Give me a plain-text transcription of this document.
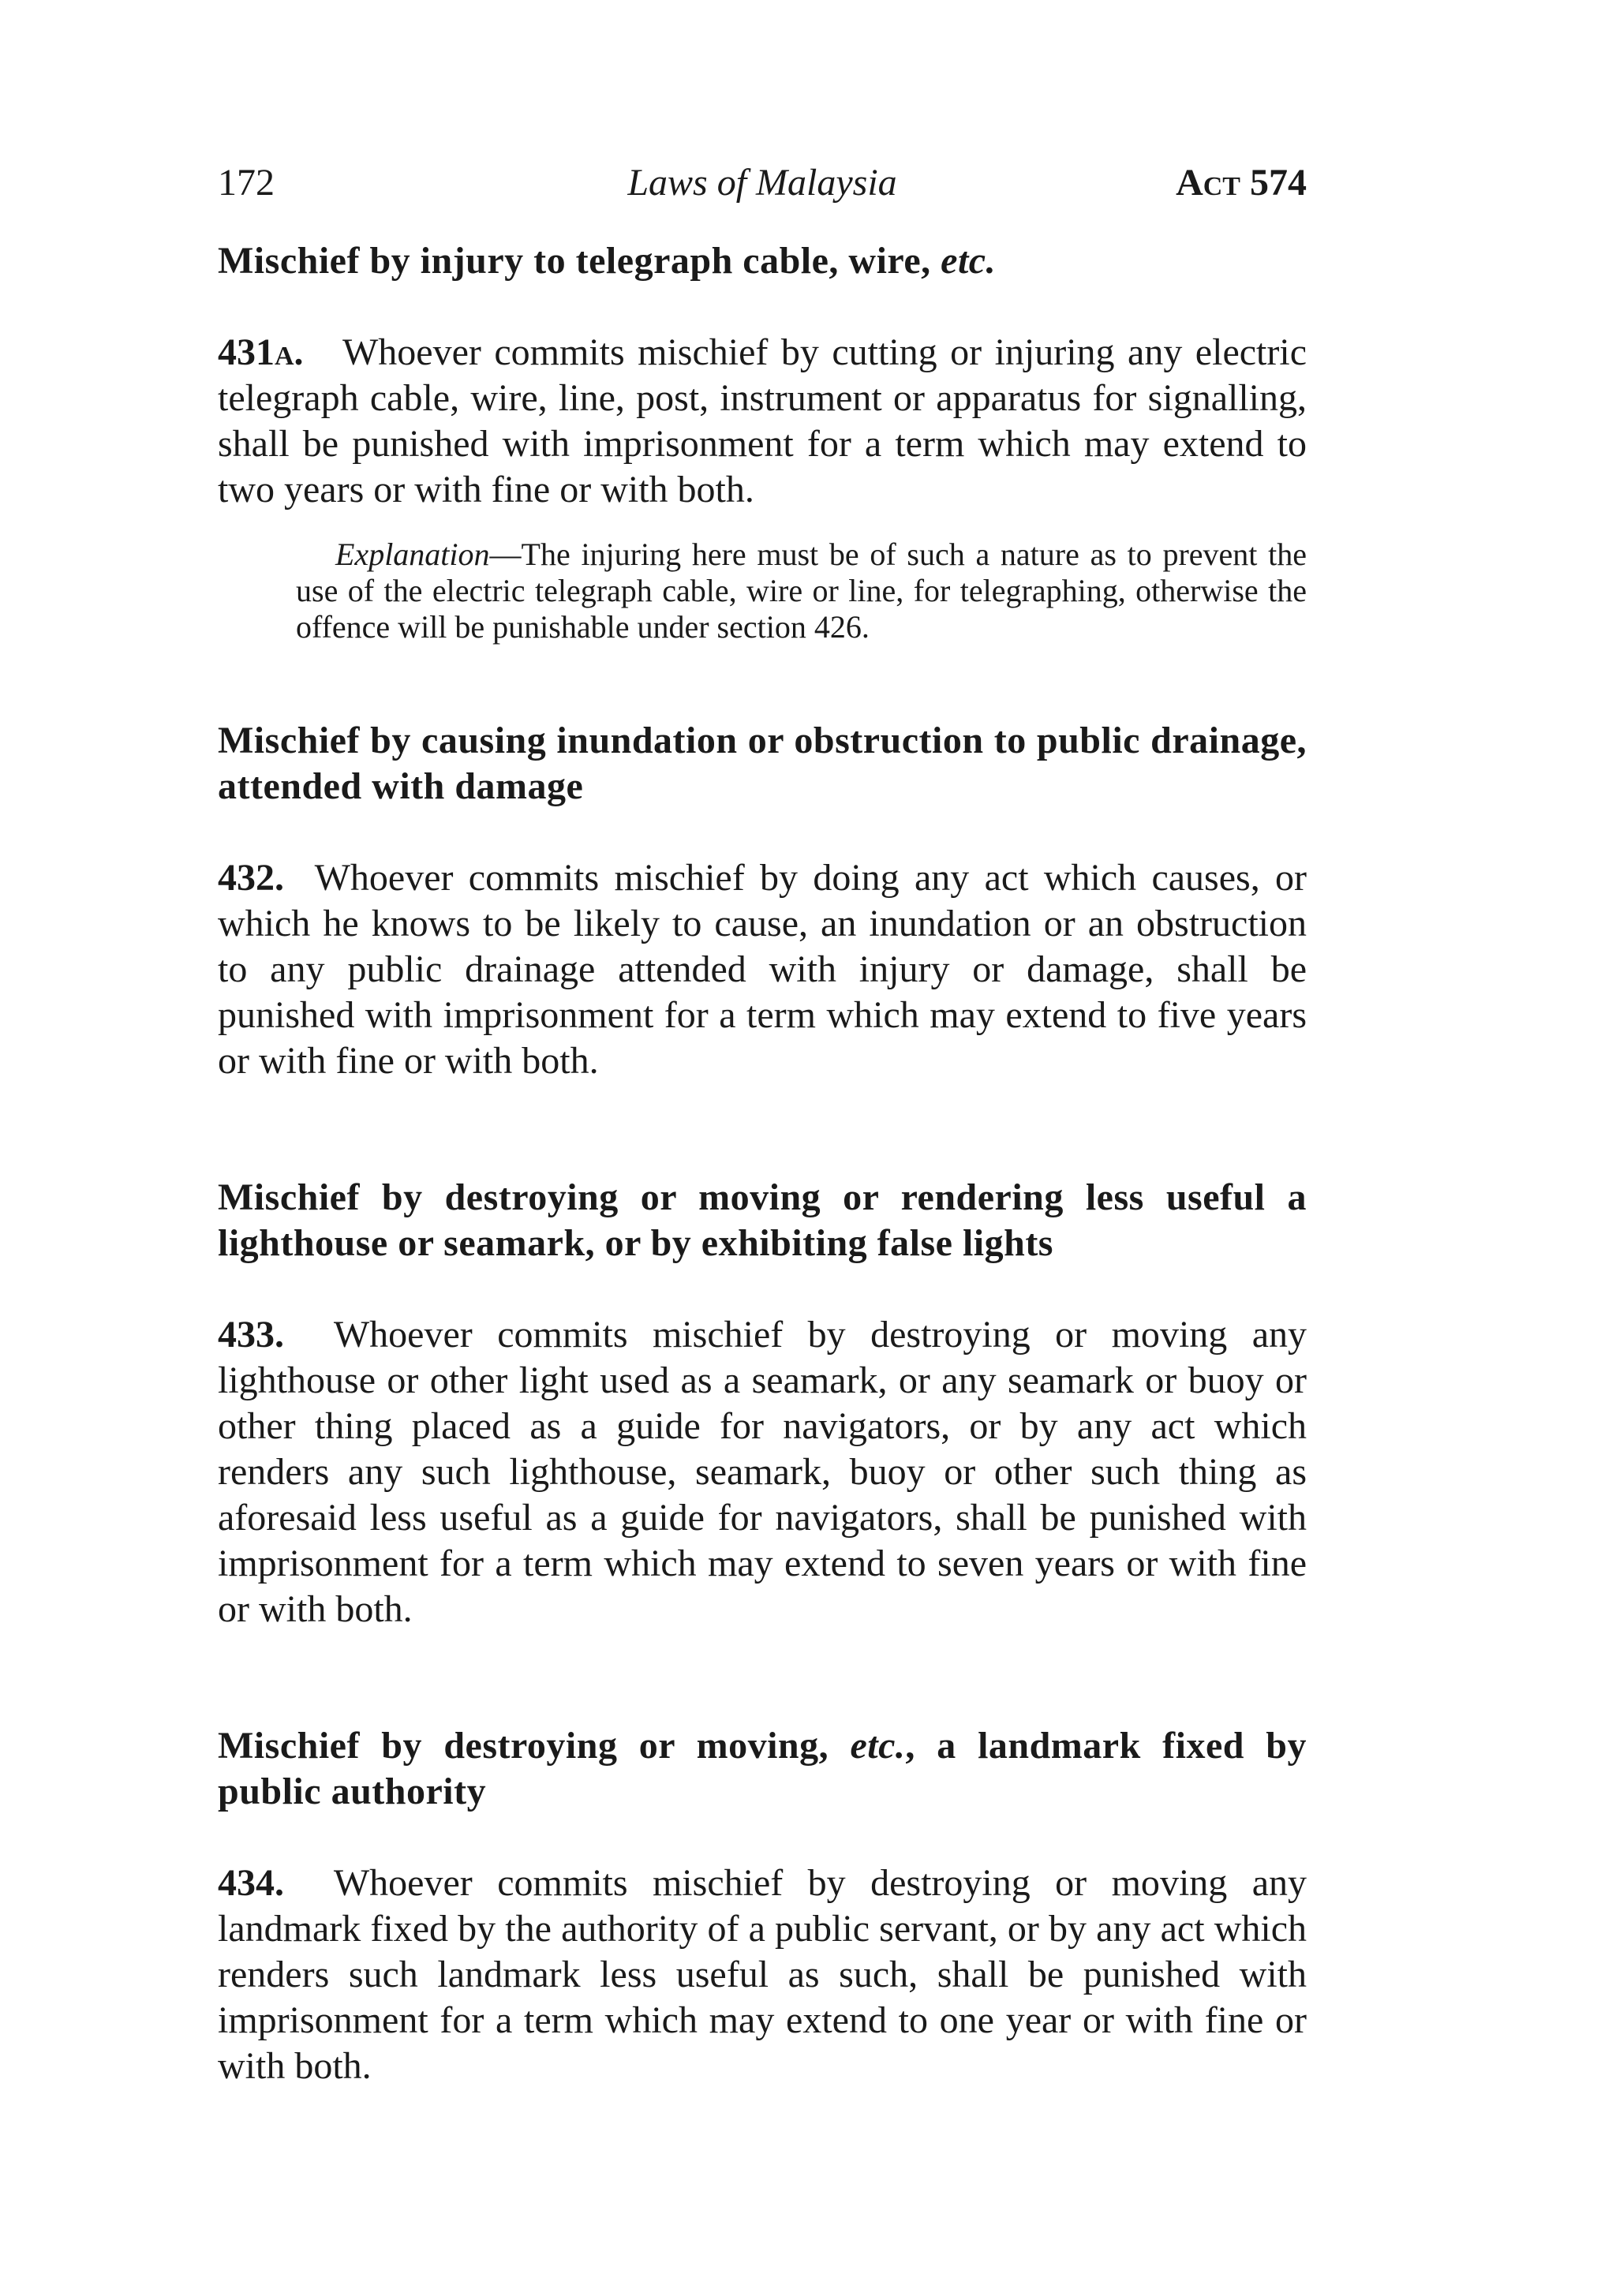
172	Laws of Malaysia	Act 574

Mischief by injury to telegraph cable, wire, etc.

431a. Whoever commits mischief by cutting or injuring any electric telegraph cable, wire, line, post, instrument or apparatus for signalling, shall be punished with imprisonment for a term which may extend to two years or with fine or with both.

Explanation—The injuring here must be of such a nature as to prevent the use of the electric telegraph cable, wire or line, for telegraphing, otherwise the offence will be punishable under section 426.

Mischief by causing inundation or obstruction to public drainage, attended with damage

432. Whoever commits mischief by doing any act which causes, or which he knows to be likely to cause, an inundation or an obstruction to any public drainage attended with injury or damage, shall be punished with imprisonment for a term which may extend to five years or with fine or with both.

Mischief by destroying or moving or rendering less useful a lighthouse or seamark, or by exhibiting false lights

433. Whoever commits mischief by destroying or moving any lighthouse or other light used as a seamark, or any seamark or buoy or other thing placed as a guide for navigators, or by any act which renders any such lighthouse, seamark, buoy or other such thing as aforesaid less useful as a guide for navigators, shall be punished with imprisonment for a term which may extend to seven years or with fine or with both.

Mischief by destroying or moving, etc., a landmark fixed by public authority

434. Whoever commits mischief by destroying or moving any landmark fixed by the authority of a public servant, or by any act which renders such landmark less useful as such, shall be punished with imprisonment for a term which may extend to one year or with fine or with both.
